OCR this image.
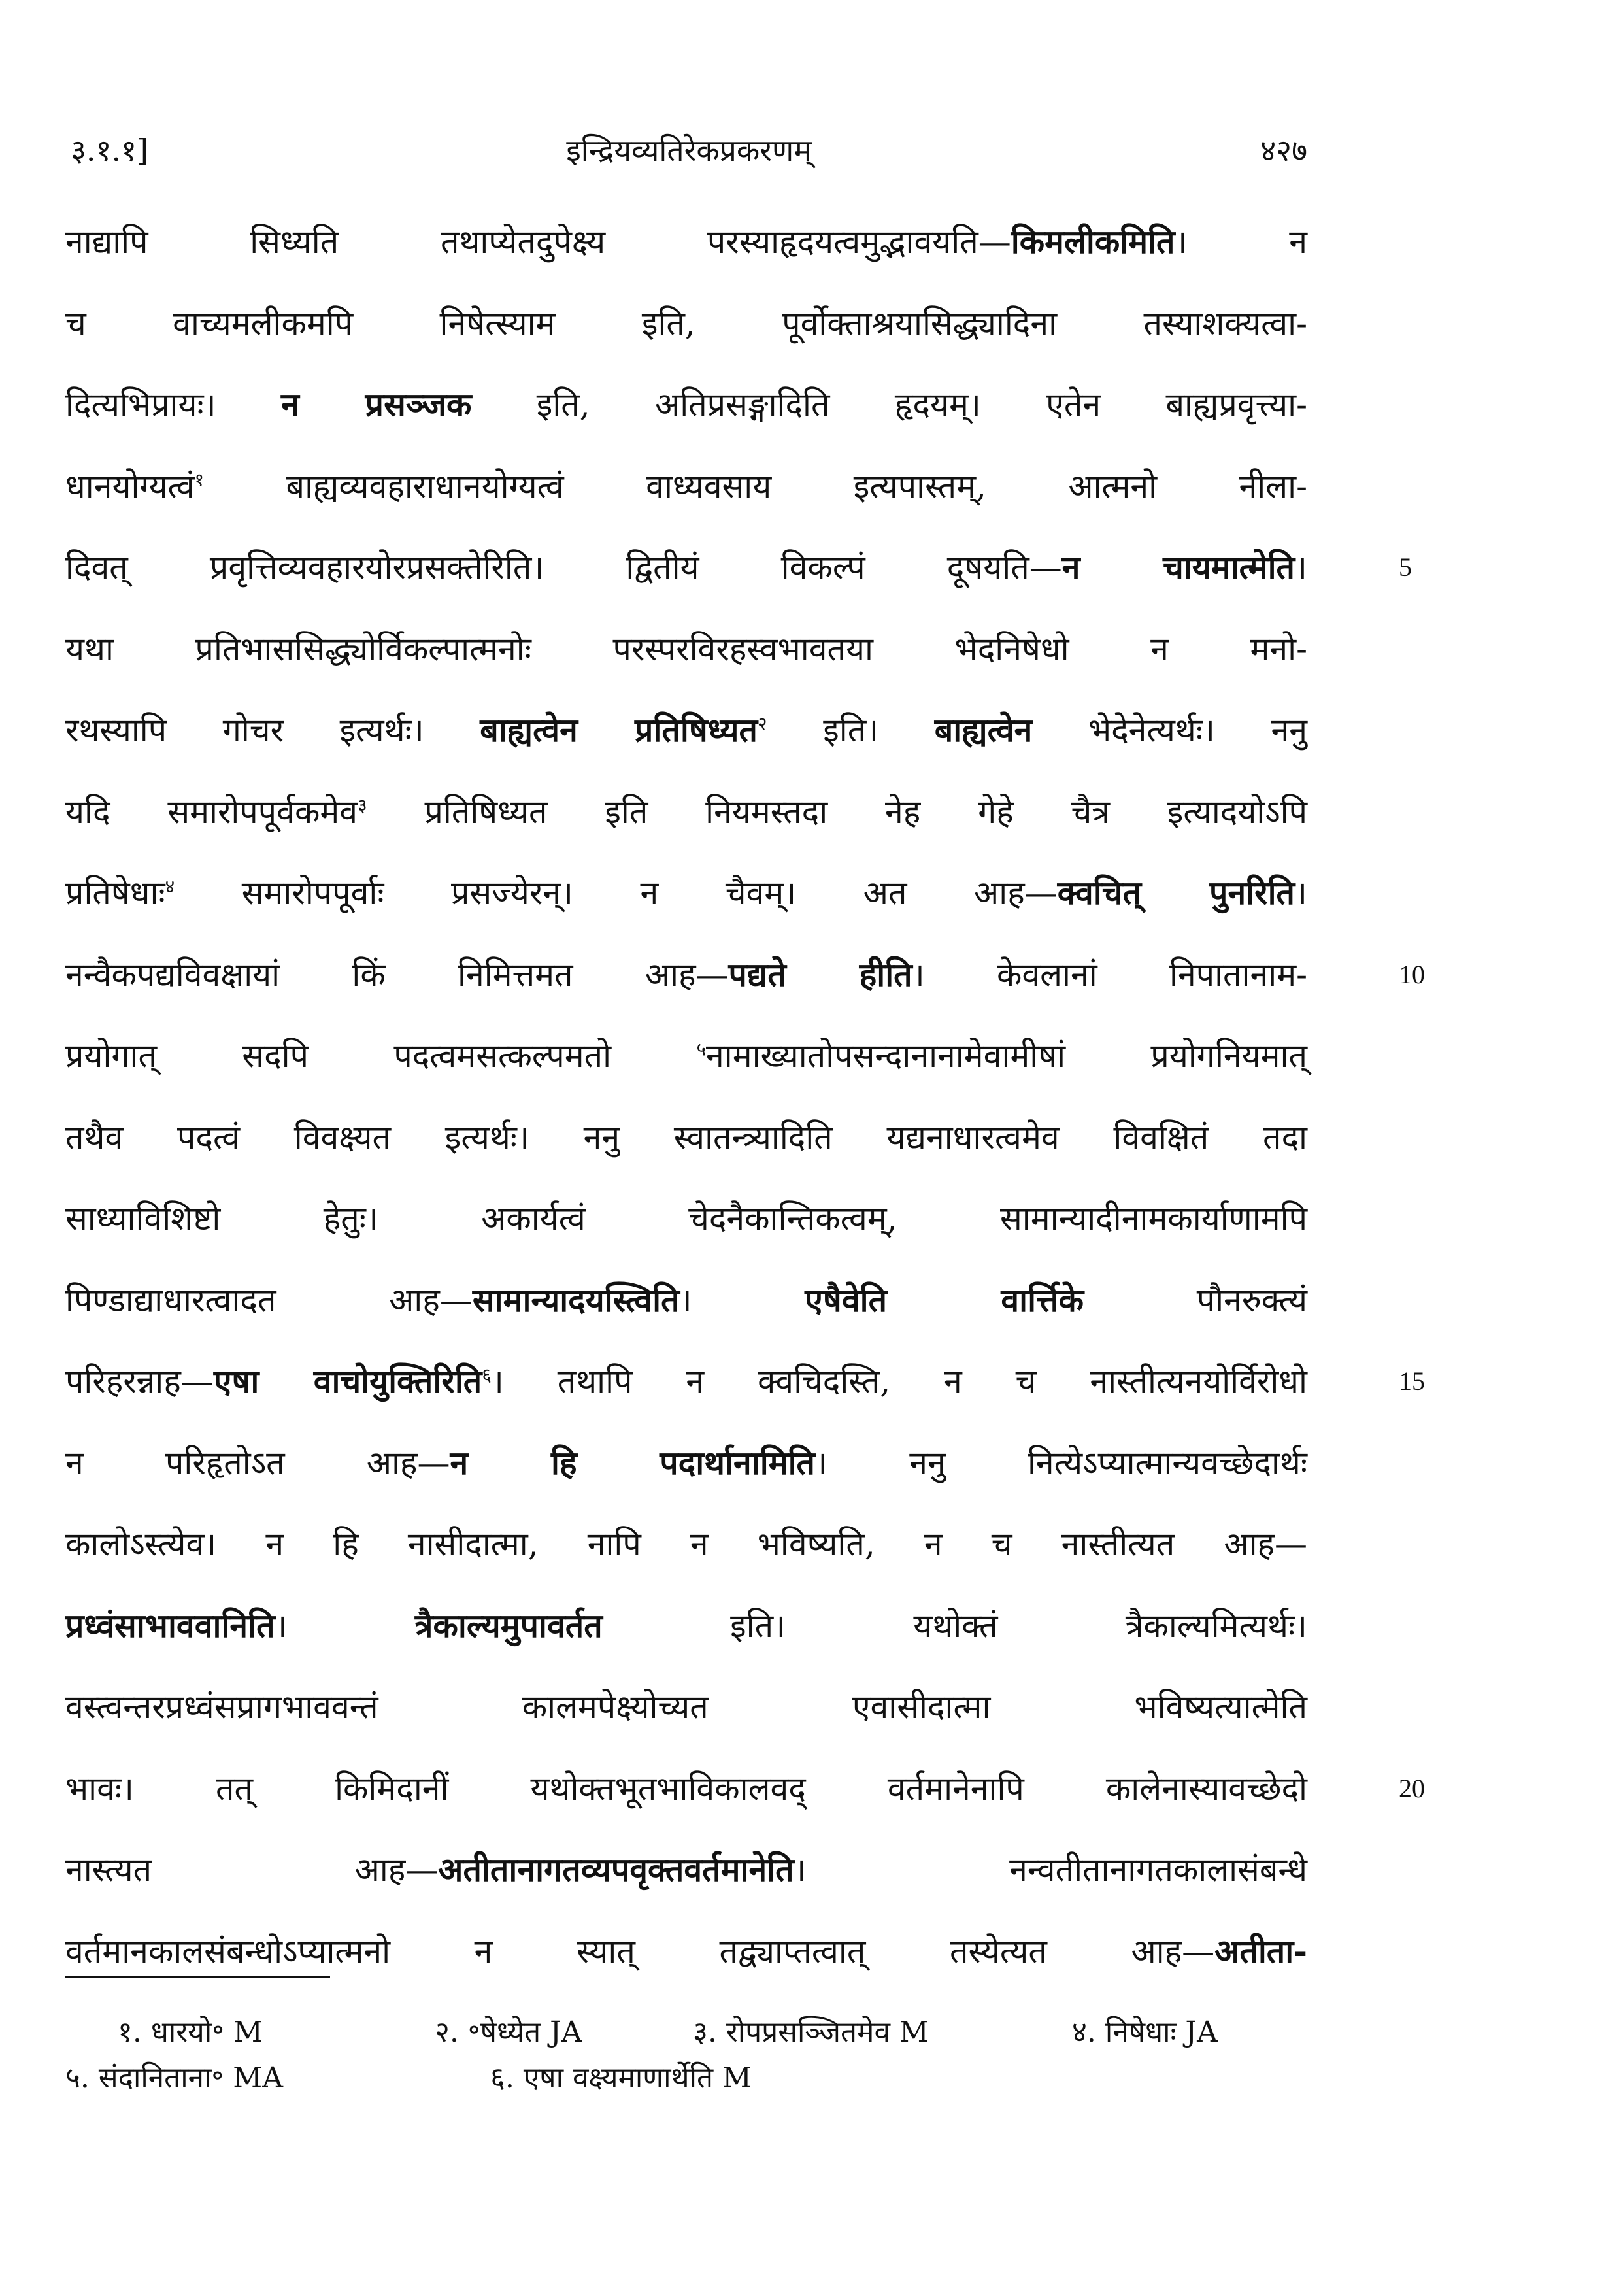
३.१.१]	इन्द्रियव्यतिरेकप्रकरणम्	४२७
नाद्यापि सिध्यति तथाप्येतदुपेक्ष्य परस्याहृदयत्वमुद्भावयति—किमलीकमिति। न
च वाच्यमलीकमपि निषेत्स्याम इति, पूर्वोक्ताश्रयासिद्ध्यादिना तस्याशक्यत्वा-
दित्यभिप्रायः। न प्रसञ्जक इति, अतिप्रसङ्गादिति हृदयम्। एतेन बाह्यप्रवृत्त्या-
धानयोग्यत्वं$^१$ बाह्यव्यवहाराधानयोग्यत्वं वाध्यवसाय इत्यपास्तम्, आत्मनो नीला-
दिवत् प्रवृत्तिव्यवहारयोरप्रसक्तेरिति। द्वितीयं विकल्पं दूषयति—न चायमात्मेति।	5
यथा प्रतिभाससिद्ध्योर्विकल्पात्मनोः परस्परविरहस्वभावतया भेदनिषेधो न मनो-
रथस्यापि गोचर इत्यर्थः। बाह्यत्वेन प्रतिषिध्यत$^२$ इति। बाह्यत्वेन भेदेनेत्यर्थः। ननु
यदि समारोपपूर्वकमेव$^३$ प्रतिषिध्यत इति नियमस्तदा नेह गेहे चैत्र इत्यादयोऽपि
प्रतिषेधाः$^४$ समारोपपूर्वाः प्रसज्येरन्। न चैवम्। अत आह—क्वचित् पुनरिति।
नन्वैकपद्यविवक्षायां किं निमित्तमत आह—पद्यते हीति। केवलानां निपातानाम-	10
प्रयोगात् सदपि पदत्वमसत्कल्पमतो $^५$नामाख्यातोपसन्दानानामेवामीषां प्रयोगनियमात्
तथैव पदत्वं विवक्ष्यत इत्यर्थः। ननु स्वातन्त्र्यादिति यद्यनाधारत्वमेव विवक्षितं तदा
साध्याविशिष्टो हेतुः। अकार्यत्वं चेदनैकान्तिकत्वम्, सामान्यादीनामकार्याणामपि
पिण्डाद्याधारत्वादत आह—सामान्यादयस्त्विति। एषैवेति वार्त्तिके पौनरुक्त्यं
परिहरन्नाह—एषा वाचोयुक्तिरिति$^६$। तथापि न क्वचिदस्ति, न च नास्तीत्यनयोर्विरोधो	15
न परिहृतोऽत आह—न हि पदार्थानामिति। ननु नित्येऽप्यात्मान्यवच्छेदार्थः
कालोऽस्त्येव। न हि नासीदात्मा, नापि न भविष्यति, न च नास्तीत्यत आह—
प्रध्वंसाभाववानिति। त्रैकाल्यमुपावर्तत इति। यथोक्तं त्रैकाल्यमित्यर्थः।
वस्त्वन्तरप्रध्वंसप्रागभाववन्तं कालमपेक्ष्योच्यत एवासीदात्मा भविष्यत्यात्मेति
भावः। तत् किमिदानीं यथोक्तभूतभाविकालवद् वर्तमानेनापि कालेनास्यावच्छेदो	20
नास्त्यत आह—अतीतानागतव्यपवृक्तवर्तमानेति। नन्वतीतानागतकालासंबन्धे
वर्तमानकालसंबन्धोऽप्यात्मनो न स्यात् तद्व्याप्तत्वात् तस्येत्यत आह—अतीता-
१. धारयो॰ M	२. ॰षेध्येत JA	३. रोपप्रसञ्जितमेव M	४. निषेधाः JA
५. संदानिताना॰ MA	६. एषा वक्ष्यमाणार्थेति M
